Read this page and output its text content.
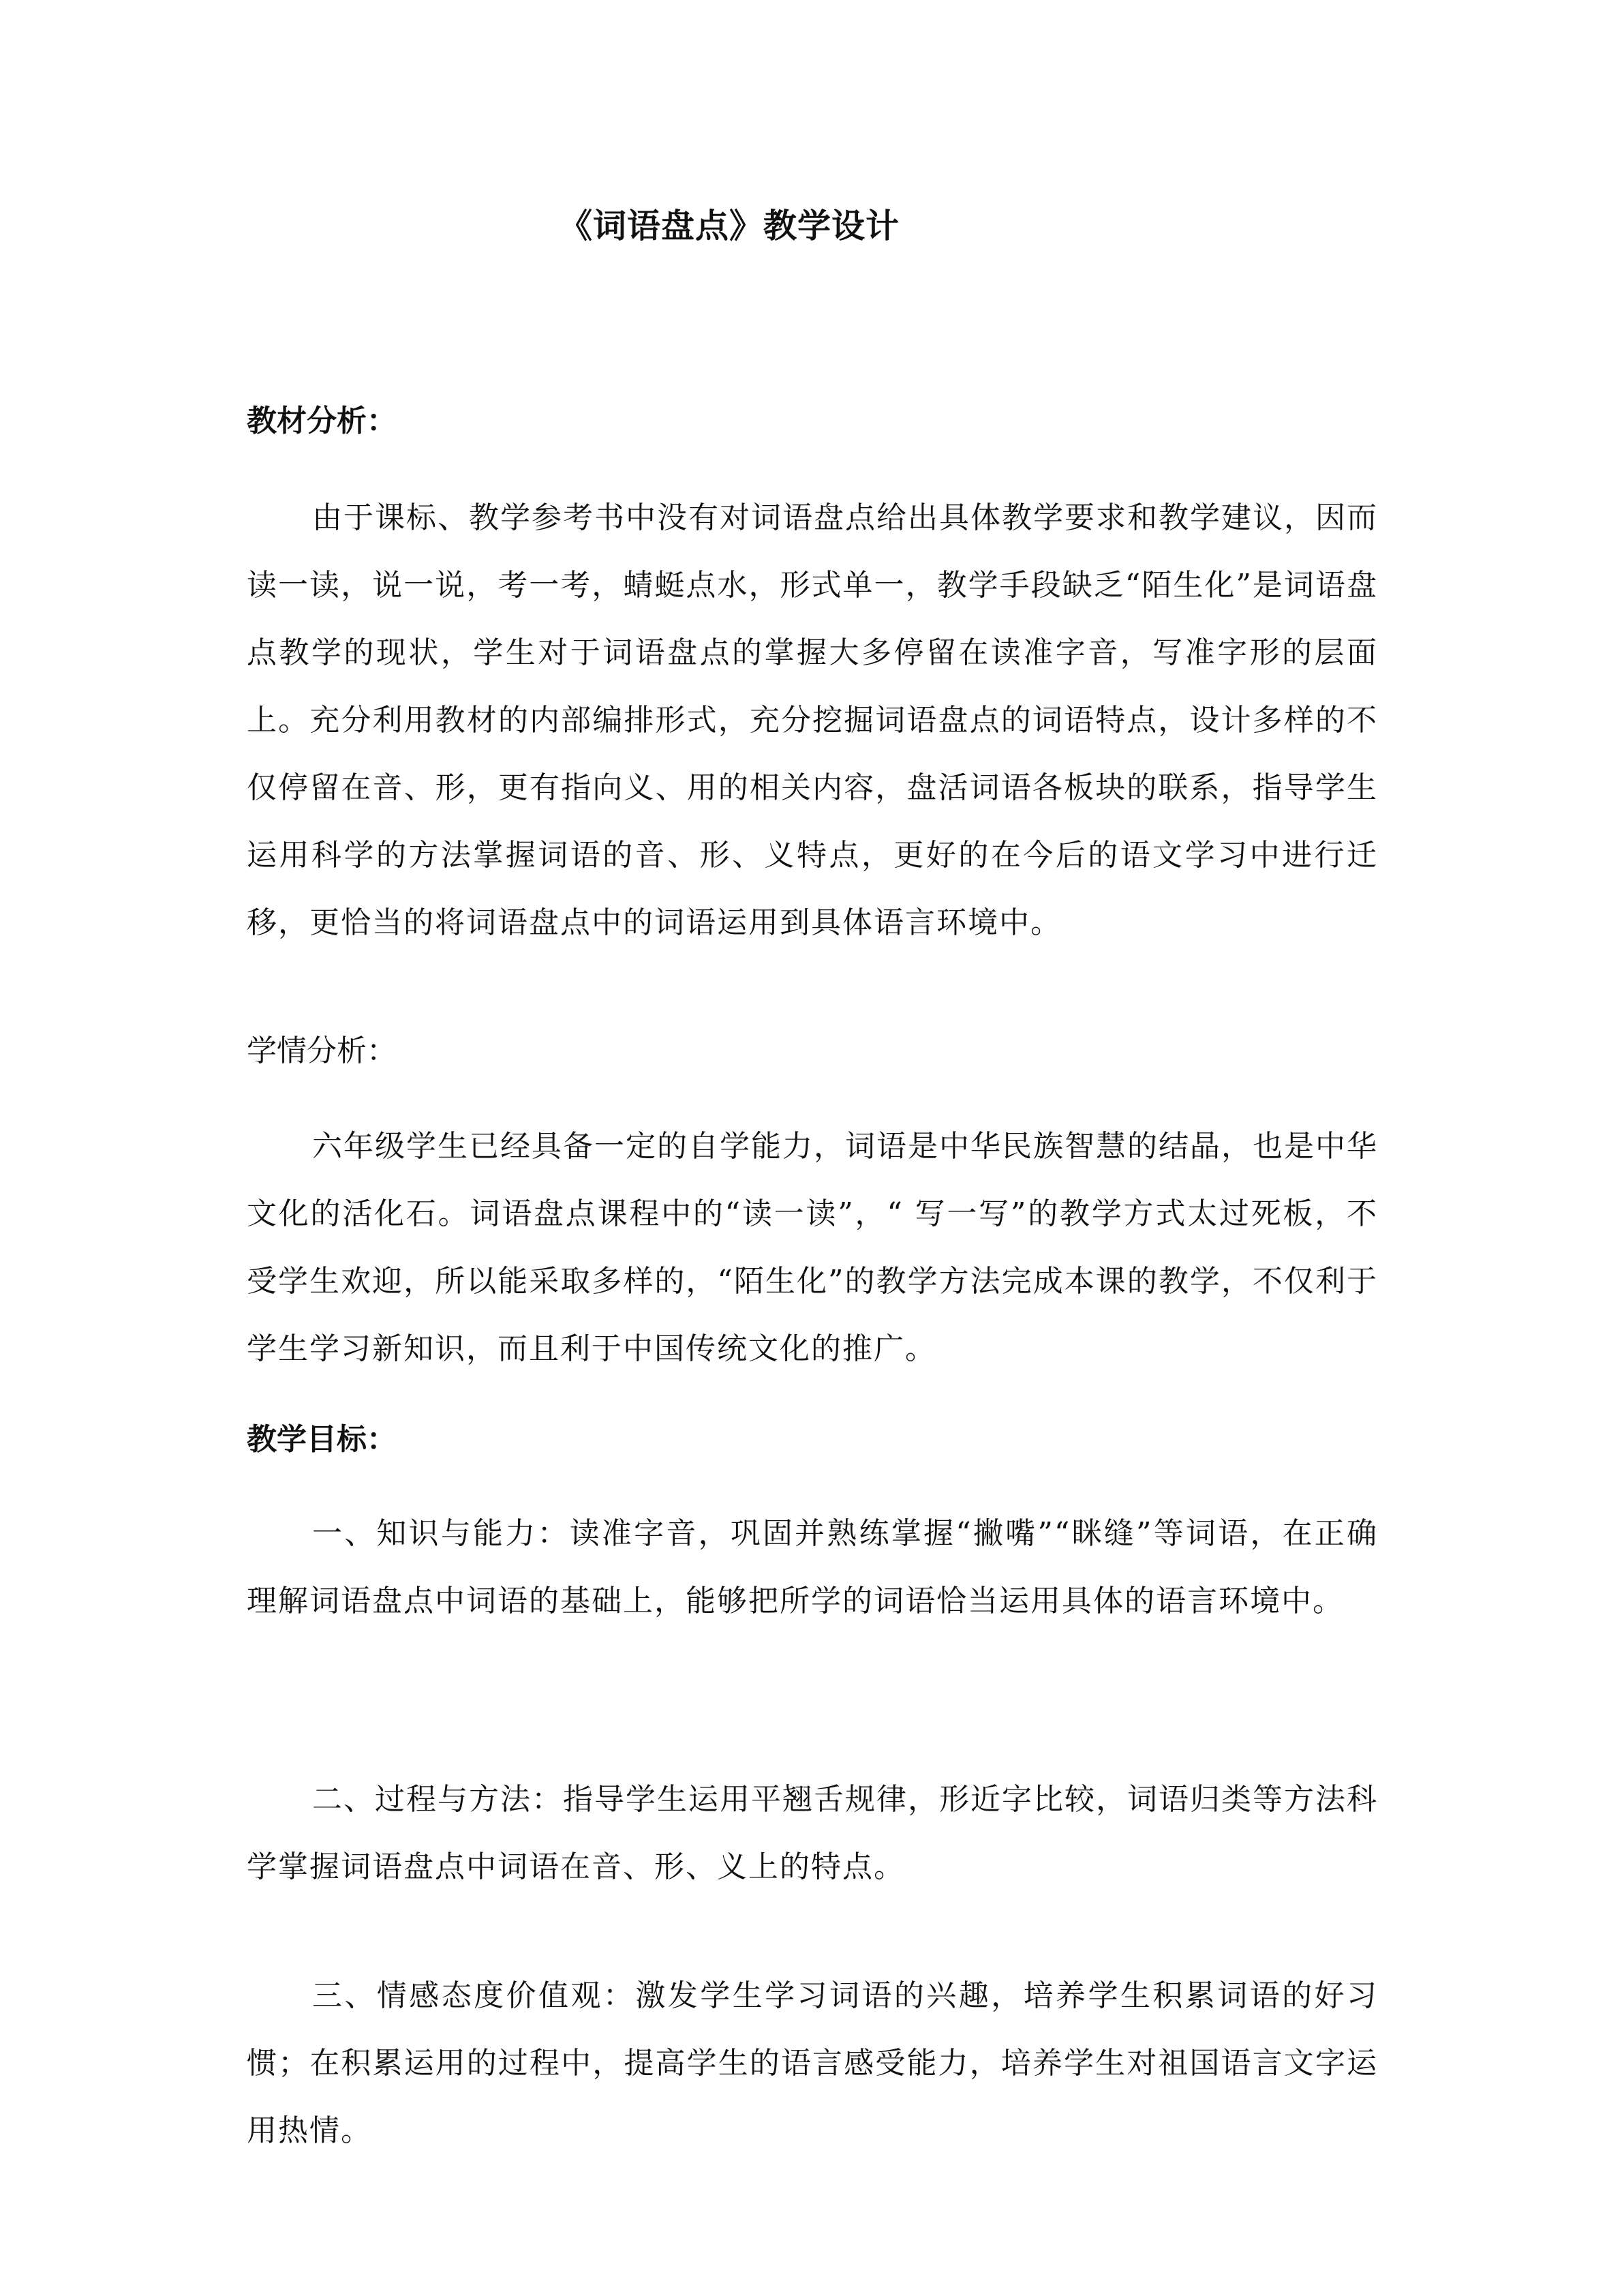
《词语盘点》教学设计
教材分析：

由于课标、教学参考书中没有对词语盘点给出具体教学要求和教学建议，因而读一读，说一说，考一考，蜻蜓点水，形式单一，教学手段缺乏“陌生化”是词语盘点教学的现状，学生对于词语盘点的掌握大多停留在读准字音，写准字形的层面上。充分利用教材的内部编排形式，充分挖掘词语盘点的词语特点，设计多样的不仅停留在音、形，更有指向义、用的相关内容，盘活词语各板块的联系，指导学生运用科学的方法掌握词语的音、形、义特点，更好的在今后的语文学习中进行迁移，更恰当的将词语盘点中的词语运用到具体语言环境中。

学情分析：

六年级学生已经具备一定的自学能力，词语是中华民族智慧的结晶，也是中华文化的活化石。词语盘点课程中的“读一读”，“ 写一写”的教学方式太过死板，不受学生欢迎，所以能采取多样的，“陌生化”的教学方法完成本课的教学，不仅利于学生学习新知识，而且利于中国传统文化的推广。

教学目标：

一、知识与能力：读准字音，巩固并熟练掌握“撇嘴”“眯缝”等词语，在正确理解词语盘点中词语的基础上，能够把所学的词语恰当运用具体的语言环境中。

二、过程与方法：指导学生运用平翘舌规律，形近字比较，词语归类等方法科学掌握词语盘点中词语在音、形、义上的特点。

三、情感态度价值观：激发学生学习词语的兴趣，培养学生积累词语的好习惯；在积累运用的过程中，提高学生的语言感受能力，培养学生对祖国语言文字运用热情。
